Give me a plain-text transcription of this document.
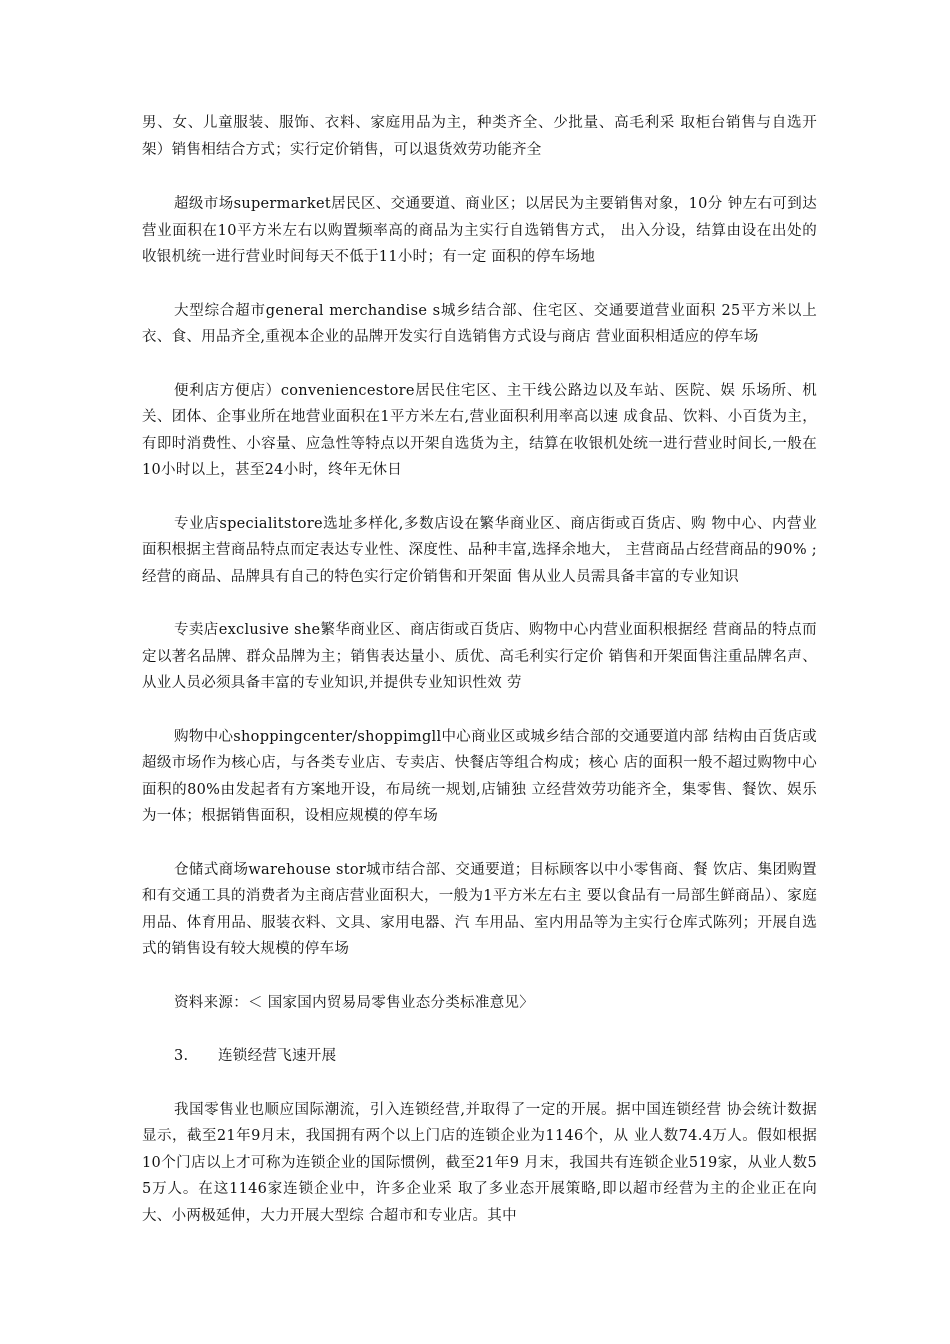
男、女、儿童服装、服饰、衣料、家庭用品为主，种类齐全、少批量、高毛利采 取柜台销售与自选开架）销售相结合方式；实行定价销售，可以退货效劳功能齐全

超级市场supermarket居民区、交通要道、商业区；以居民为主要销售对象，10分 钟左右可到达营业面积在10平方米左右以购置频率高的商品为主实行自选销售方式， 出入分设，结算由设在出处的收银机统一进行营业时间每天不低于11小时；有一定 面积的停车场地

大型综合超市general merchandise s城乡结合部、住宅区、交通要道营业面积 25平方米以上衣、食、用品齐全,重视本企业的品牌开发实行自选销售方式设与商店 营业面积相适应的停车场

便利店方便店）conveniencestore居民住宅区、主干线公路边以及车站、医院、娱 乐场所、机关、团体、企事业所在地营业面积在1平方米左右,营业面积利用率高以速 成食品、饮料、小百货为主，有即时消费性、小容量、应急性等特点以开架自选货为主，结算在收银机处统一进行营业时间长,一般在10小时以上，甚至24小时，终年无休日

专业店specialitstore选址多样化,多数店设在繁华商业区、商店街或百货店、购 物中心、内营业面积根据主营商品特点而定表达专业性、深度性、品种丰富,选择余地大， 主营商品占经营商品的90% ;经营的商品、品牌具有自己的特色实行定价销售和开架面 售从业人员需具备丰富的专业知识

专卖店exclusive she繁华商业区、商店街或百货店、购物中心内营业面积根据经 营商品的特点而定以著名品牌、群众品牌为主；销售表达量小、质优、高毛利实行定价 销售和开架面售注重品牌名声、从业人员必须具备丰富的专业知识,并提供专业知识性效 劳

购物中心shoppingcenter/shoppimgll中心商业区或城乡结合部的交通要道内部 结构由百货店或超级市场作为核心店，与各类专业店、专卖店、快餐店等组合构成；核心 店的面积一般不超过购物中心面积的80%由发起者有方案地开设，布局统一规划,店铺独 立经营效劳功能齐全，集零售、餐饮、娱乐为一体；根据销售面积，设相应规模的停车场

仓储式商场warehouse stor城市结合部、交通要道；目标顾客以中小零售商、餐 饮店、集团购置和有交通工具的消费者为主商店营业面积大，一般为1平方米左右主 要以食品有一局部生鲜商品）、家庭用品、体育用品、服装衣料、文具、家用电器、汽 车用品、室内用品等为主实行仓库式陈列；开展自选式的销售设有较大规模的停车场

资料来源：＜ 国家国内贸易局零售业态分类标准意见〉

3. 连锁经营飞速开展

我国零售业也顺应国际潮流，引入连锁经营,并取得了一定的开展。据中国连锁经营 协会统计数据显示，截至21年9月末，我国拥有两个以上门店的连锁企业为1146个，从 业人数74.4万人。假如根据10个门店以上才可称为连锁企业的国际惯例，截至21年9 月末，我国共有连锁企业519家，从业人数55万人。在这1146家连锁企业中，许多企业采 取了多业态开展策略,即以超市经营为主的企业正在向大、小两极延伸，大力开展大型综 合超市和专业店。其中
